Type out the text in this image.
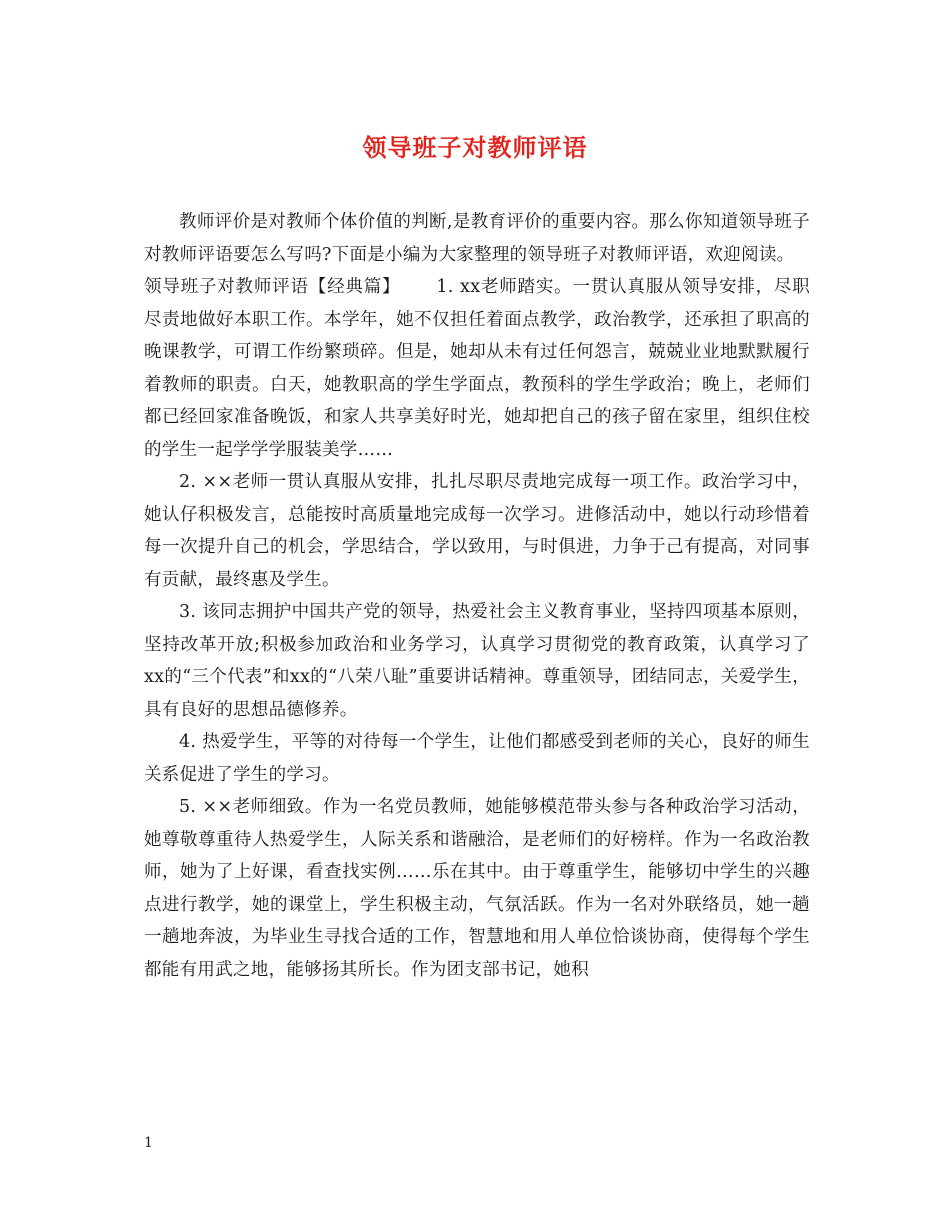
领导班子对教师评语

教师评价是对教师个体价值的判断,是教育评价的重要内容。那么你知道领导班子对教师评语要怎么写吗?下面是小编为大家整理的领导班子对教师评语，欢迎阅读。

领导班子对教师评语【经典篇】 1. xx老师踏实。一贯认真服从领导安排，尽职尽责地做好本职工作。本学年，她不仅担任着面点教学，政治教学，还承担了职高的晚课教学，可谓工作纷繁琐碎。但是，她却从未有过任何怨言，兢兢业业地默默履行着教师的职责。白天，她教职高的学生学面点，教预科的学生学政治；晚上，老师们都已经回家准备晚饭，和家人共享美好时光，她却把自己的孩子留在家里，组织住校的学生一起学学学服装美学……

2. ××老师一贯认真服从安排，扎扎尽职尽责地完成每一项工作。政治学习中，她认仔积极发言，总能按时高质量地完成每一次学习。进修活动中，她以行动珍惜着每一次提升自己的机会，学思结合，学以致用，与时俱进，力争于己有提高，对同事有贡献，最终惠及学生。

3. 该同志拥护中国共产党的领导，热爱社会主义教育事业，坚持四项基本原则，坚持改革开放;积极参加政治和业务学习，认真学习贯彻党的教育政策，认真学习了xx的“三个代表”和xx的“八荣八耻”重要讲话精神。尊重领导，团结同志，关爱学生，具有良好的思想品德修养。

4. 热爱学生，平等的对待每一个学生，让他们都感受到老师的关心，良好的师生关系促进了学生的学习。

5. ××老师细致。作为一名党员教师，她能够模范带头参与各种政治学习活动，她尊敬尊重待人热爱学生，人际关系和谐融洽，是老师们的好榜样。作为一名政治教师，她为了上好课，看查找实例……乐在其中。由于尊重学生，能够切中学生的兴趣点进行教学，她的课堂上，学生积极主动，气氛活跃。作为一名对外联络员，她一趟一趟地奔波，为毕业生寻找合适的工作，智慧地和用人单位恰谈协商，使得每个学生都能有用武之地，能够扬其所长。作为团支部书记，她积

1
